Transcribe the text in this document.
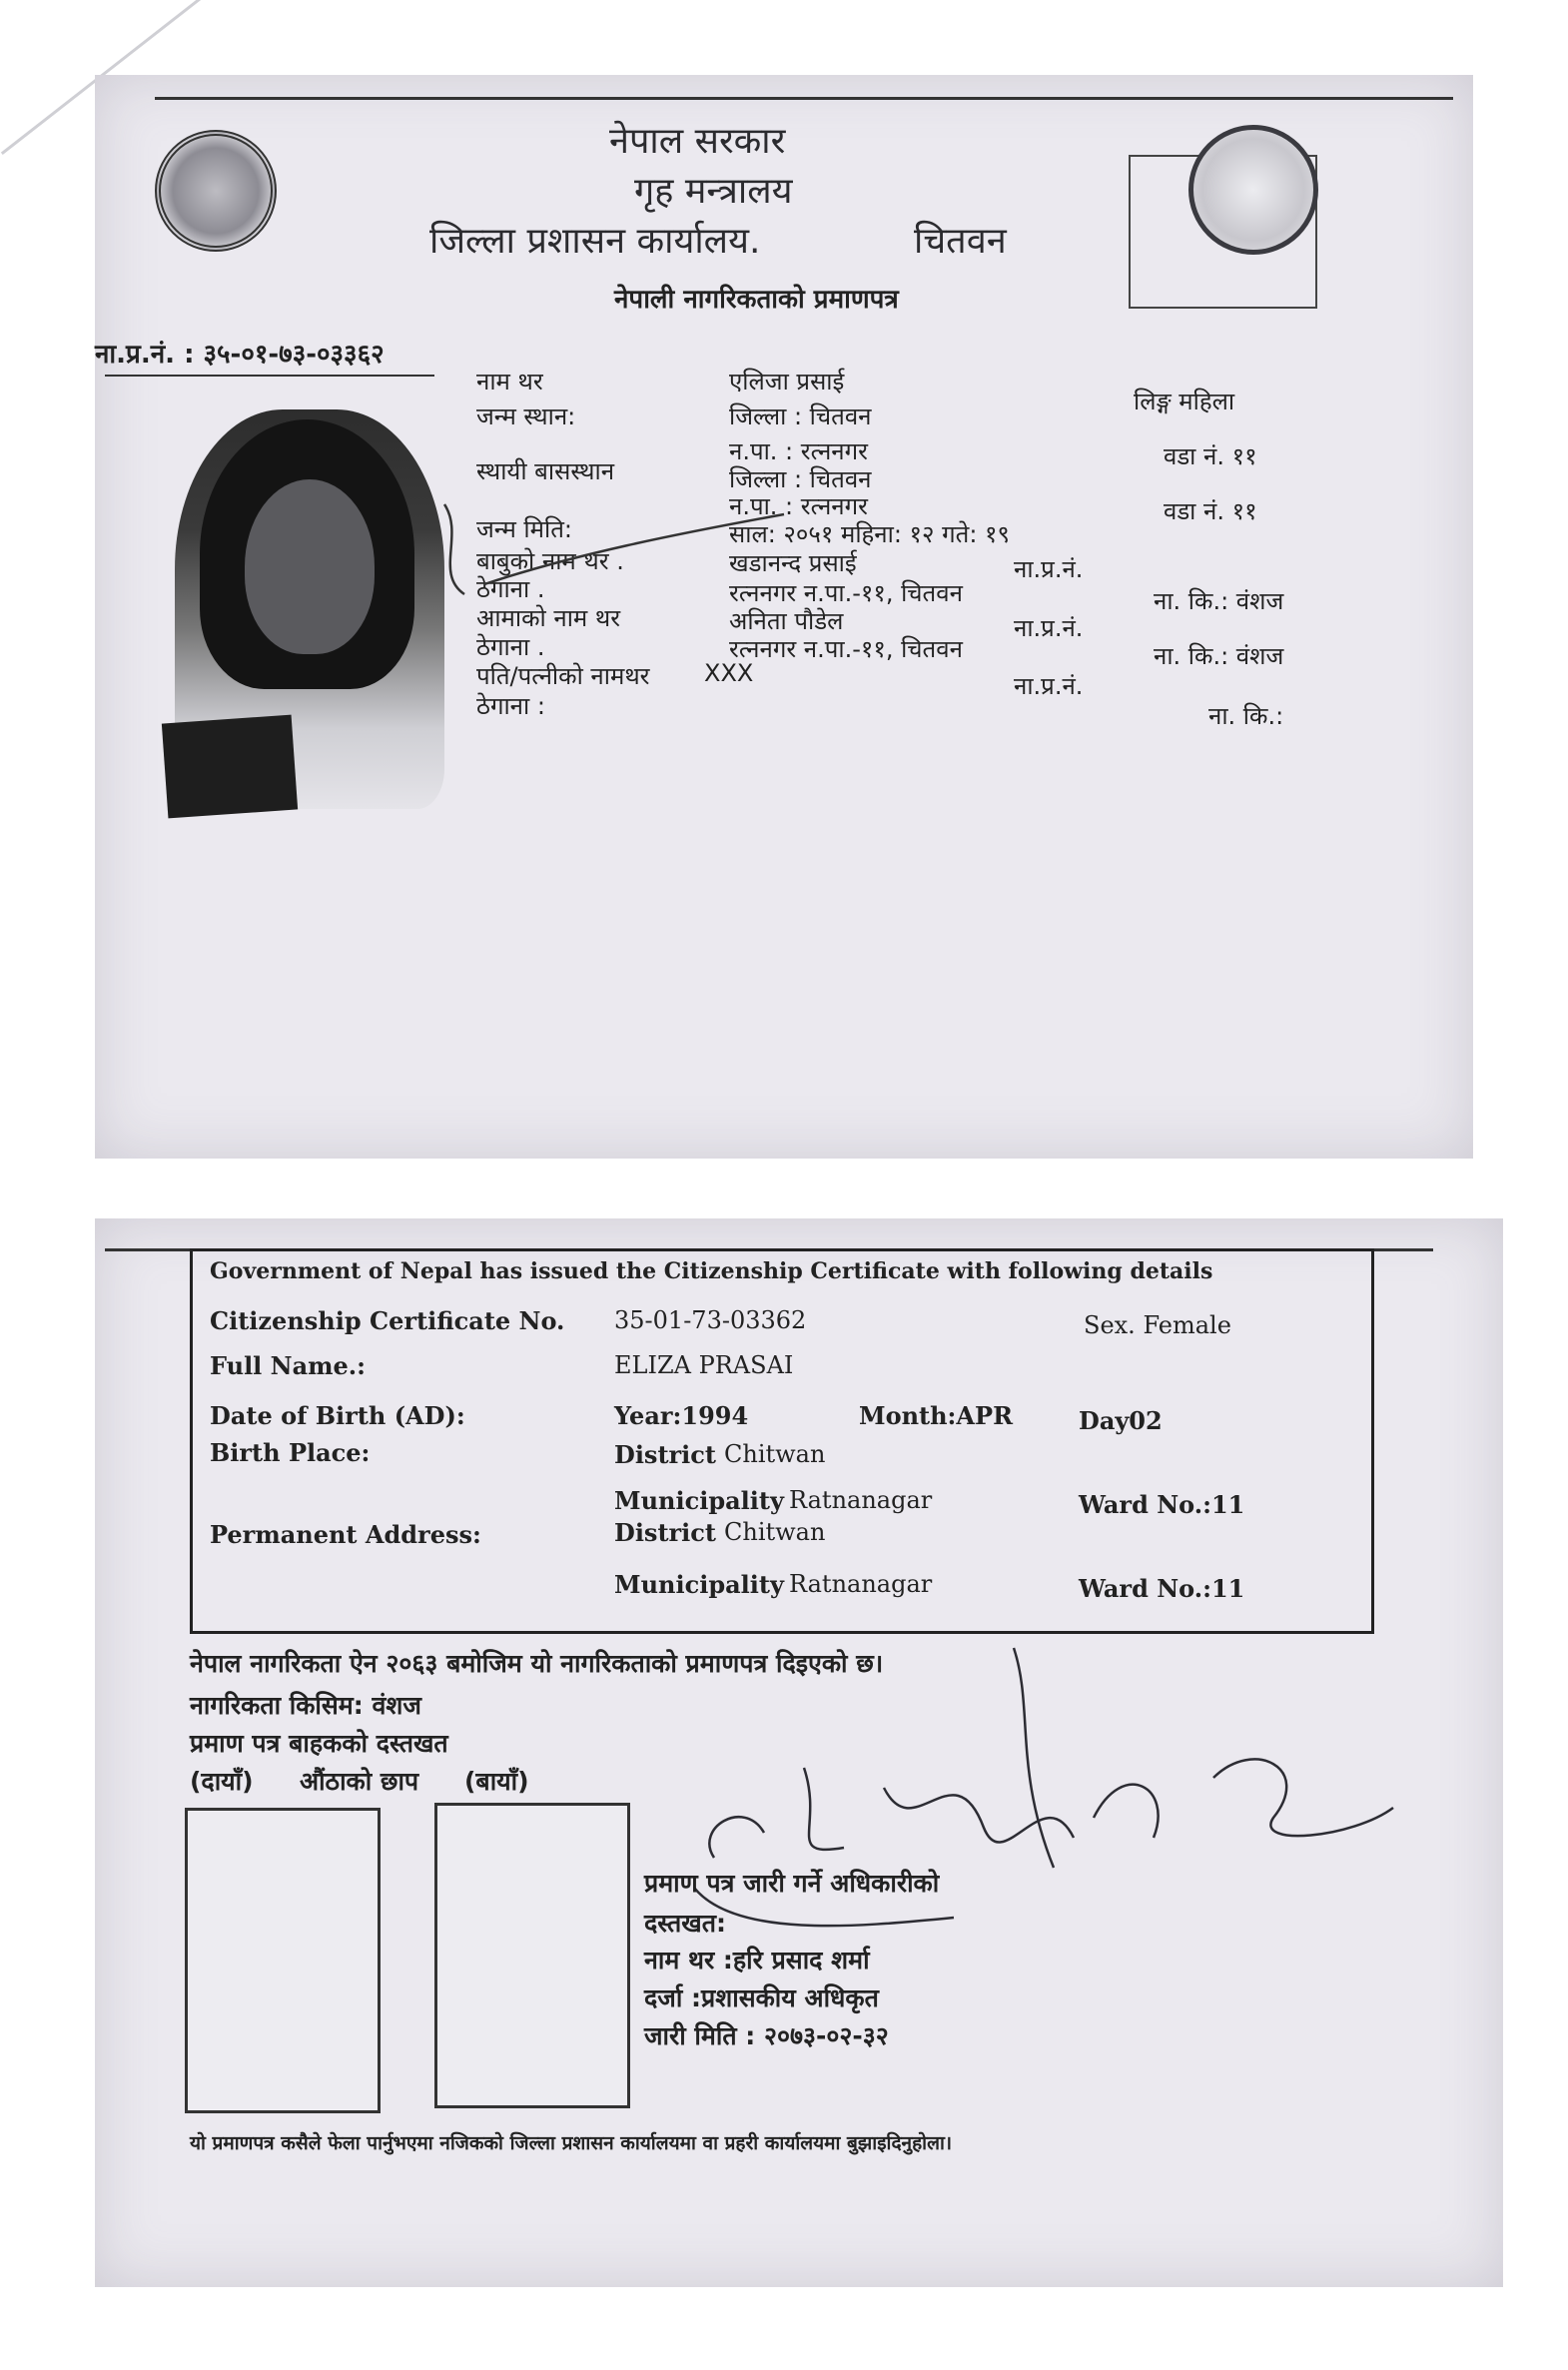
नेपाल सरकार
गृह मन्त्रालय
जिल्ला प्रशासन कार्यालय.	चितवन
नेपाली नागरिकताको प्रमाणपत्र
ना.प्र.नं. : ३५-०१-७३-०३३६२
नाम थर	एलिजा प्रसाई
लिङ्ग महिला
जन्म स्थान:	जिल्ला : चितवन
न.पा. : रत्ननगर	वडा नं. ११
स्थायी बासस्थान	जिल्ला : चितवन
न.पा. : रत्ननगर	वडा नं. ११
जन्म मिति:	साल: २०५१ महिना: १२ गते: १९
बाबुको नाम थर .	खडानन्द प्रसाई	ना.प्र.नं.
ठेगाना .	रत्ननगर न.पा.-११, चितवन	ना. कि.: वंशज
आमाको नाम थर	अनिता पौडेल	ना.प्र.नं.
ठेगाना .	रत्ननगर न.पा.-११, चितवन	ना. कि.: वंशज
पति/पत्नीको नामथर XXX	ना.प्र.नं.
ठेगाना :	ना. कि.:
Government of Nepal has issued the Citizenship Certificate with following details
Citizenship Certificate No. 35-01-73-03362	Sex. Female
Full Name.:	ELIZA PRASAI
Date of Birth (AD):	Year:1994	Month:APR	Day02
Birth Place:	District Chitwan
Municipality Ratnanagar	Ward No.:11
Permanent Address:	District Chitwan
Municipality Ratnanagar	Ward No.:11
नेपाल नागरिकता ऐन २०६३ बमोजिम यो नागरिकताको प्रमाणपत्र दिइएको छ।
नागरिकता किसिम: वंशज
प्रमाण पत्र बाहकको दस्तखत
(दायाँ) औंठाको छाप (बायाँ)
प्रमाण पत्र जारी गर्ने अधिकारीको
दस्तखत:
नाम थर :हरि प्रसाद शर्मा
दर्जा :प्रशासकीय अधिकृत
जारी मिति : २०७३-०२-३२
यो प्रमाणपत्र कसैले फेला पार्नुभएमा नजिकको जिल्ला प्रशासन कार्यालयमा वा प्रहरी कार्यालयमा बुझाइदिनुहोला।
